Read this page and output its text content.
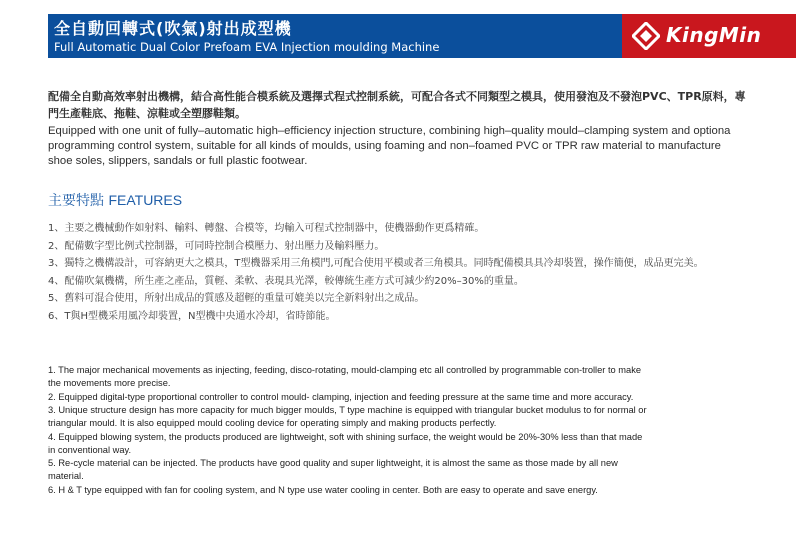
全自動回轉式(吹氣)射出成型機
Full Automatic Dual Color Prefoam EVA Injection moulding Machine	KingMin
配備全自動高效率射出機構，結合高性能合模系統及選擇式程式控制系統，可配合各式不同類型之模具，使用發泡及不發泡PVC、TPR原料，專門生產鞋底、拖鞋、涼鞋或全塑膠鞋類。
Equipped with one unit of fully–automatic high–efficiency injection structure, combining high–quality mould–clamping system and optiona programming control system, suitable for all kinds of moulds, using foaming and non–foamed PVC or TPR raw material to manufacture shoe soles, slippers, sandals or full plastic footwear.
主要特點 FEATURES
1、主要之機械動作如射料、輸料、轉盤、合模等，均輸入可程式控制器中，使機器動作更爲精確。
2、配備數字型比例式控制器，可同時控制合模壓力、射出壓力及輸料壓力。
3、獨特之機構設計，可容納更大之模具，T型機器采用三角模門,可配合使用平模或者三角模具。同時配備模具具冷却裝置，操作簡便，成品更完美。
4、配備吹氣機構，所生產之產品，質輕、柔軟、表現具光澤，較傳統生產方式可減少約20%–30%的重量。
5、舊料可混合使用，所射出成品的質感及超輕的重量可媲美以完全新料射出之成品。
6、T與H型機采用風冷却裝置，N型機中央通水冷却，省時節能。
1. The major mechanical movements as injecting, feeding, disco-rotating, mould-clamping etc all controlled by programmable con-troller to make the movements more precise.
2. Equipped digital-type proportional controller to control mould- clamping, injection and feeding pressure at the same time and more accuracy.
3. Unique structure design has more capacity for much bigger moulds, T type machine is equipped with triangular bucket modulus to for normal or triangular mould. It is also equipped mould cooling device for operating simply and making products perfectly.
4. Equipped blowing system, the products produced are lightweight, soft with shining surface, the weight would be 20%-30% less than that made in conventional way.
5. Re-cycle material can be injected. The products have good quality and super lightweight, it is almost the same as those made by all new material.
6. H & T type equipped with fan for cooling system, and N type use water cooling in center. Both are easy to operate and save energy.
